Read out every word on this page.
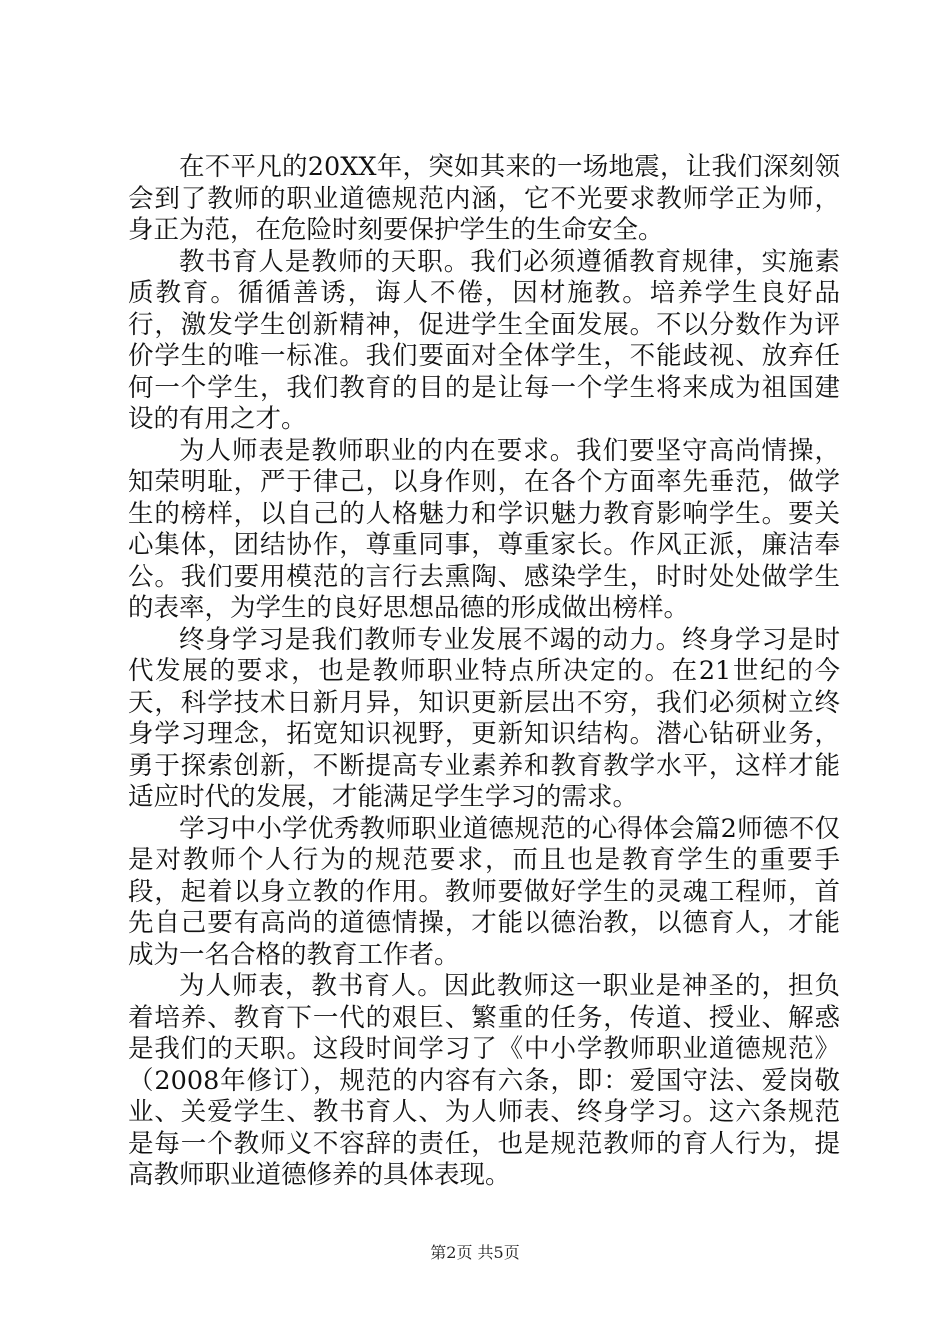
在不平凡的20XX年，突如其来的一场地震，让我们深刻领会到了教师的职业道德规范内涵，它不光要求教师学正为师，身正为范，在危险时刻要保护学生的生命安全。

教书育人是教师的天职。我们必须遵循教育规律，实施素质教育。循循善诱，诲人不倦，因材施教。培养学生良好品行，激发学生创新精神，促进学生全面发展。不以分数作为评价学生的唯一标准。我们要面对全体学生，不能歧视、放弃任何一个学生，我们教育的目的是让每一个学生将来成为祖国建设的有用之才。

为人师表是教师职业的内在要求。我们要坚守高尚情操，知荣明耻，严于律己，以身作则，在各个方面率先垂范，做学生的榜样，以自己的人格魅力和学识魅力教育影响学生。要关心集体，团结协作，尊重同事，尊重家长。作风正派，廉洁奉公。我们要用模范的言行去熏陶、感染学生，时时处处做学生的表率，为学生的良好思想品德的形成做出榜样。

终身学习是我们教师专业发展不竭的动力。终身学习是时代发展的要求，也是教师职业特点所决定的。在21世纪的今天，科学技术日新月异，知识更新层出不穷，我们必须树立终身学习理念，拓宽知识视野，更新知识结构。潜心钻研业务，勇于探索创新，不断提高专业素养和教育教学水平，这样才能适应时代的发展，才能满足学生学习的需求。

学习中小学优秀教师职业道德规范的心得体会篇2师德不仅是对教师个人行为的规范要求，而且也是教育学生的重要手段，起着以身立教的作用。教师要做好学生的灵魂工程师，首先自己要有高尚的道德情操，才能以德治教，以德育人，才能成为一名合格的教育工作者。

为人师表，教书育人。因此教师这一职业是神圣的，担负着培养、教育下一代的艰巨、繁重的任务，传道、授业、解惑是我们的天职。这段时间学习了《中小学教师职业道德规范》（2008年修订），规范的内容有六条，即：爱国守法、爱岗敬业、关爱学生、教书育人、为人师表、终身学习。这六条规范是每一个教师义不容辞的责任，也是规范教师的育人行为，提高教师职业道德修养的具体表现。

第2页 共5页
